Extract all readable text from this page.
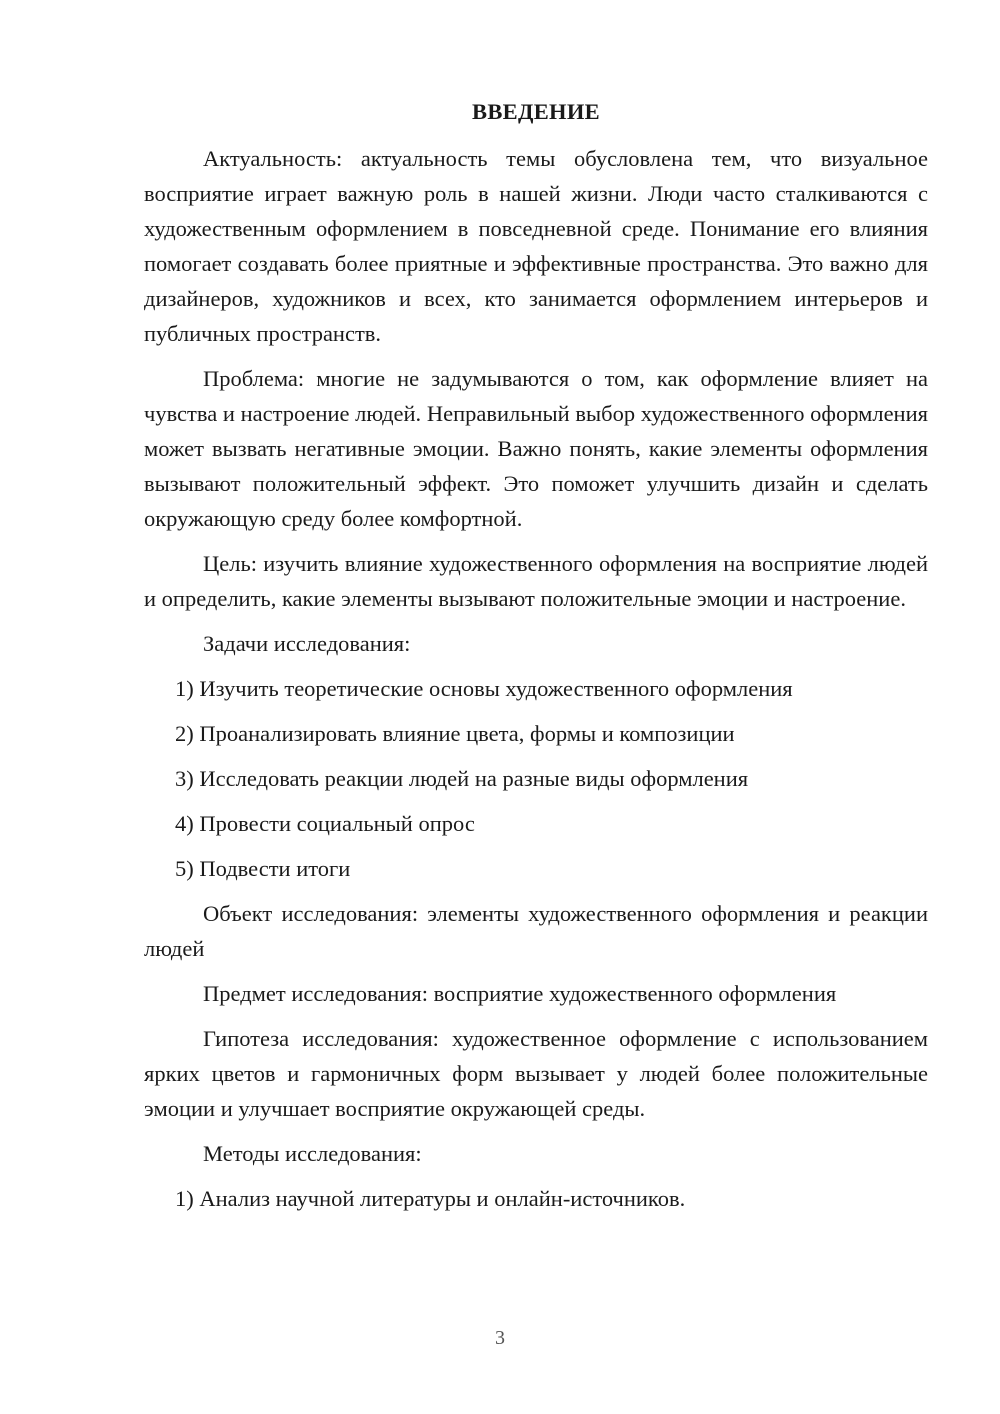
ВВЕДЕНИЕ

Актуальность: актуальность темы обусловлена тем, что визуальное восприятие играет важную роль в нашей жизни. Люди часто сталкиваются с художественным оформлением в повседневной среде. Понимание его влияния помогает создавать более приятные и эффективные пространства. Это важно для дизайнеров, художников и всех, кто занимается оформлением интерьеров и публичных пространств.

Проблема: многие не задумываются о том, как оформление влияет на чувства и настроение людей. Неправильный выбор художественного оформления может вызвать негативные эмоции. Важно понять, какие элементы оформления вызывают положительный эффект. Это поможет улучшить дизайн и сделать окружающую среду более комфортной.

Цель: изучить влияние художественного оформления на восприятие людей и определить, какие элементы вызывают положительные эмоции и настроение.

Задачи исследования:

1) Изучить теоретические основы художественного оформления
2) Проанализировать влияние цвета, формы и композиции
3) Исследовать реакции людей на разные виды оформления
4) Провести социальный опрос
5) Подвести итоги

Объект исследования: элементы художественного оформления и реакции людей

Предмет исследования: восприятие художественного оформления

Гипотеза исследования: художественное оформление с использованием ярких цветов и гармоничных форм вызывает у людей более положительные эмоции и улучшает восприятие окружающей среды.

Методы исследования:

1) Анализ научной литературы и онлайн-источников.
3
